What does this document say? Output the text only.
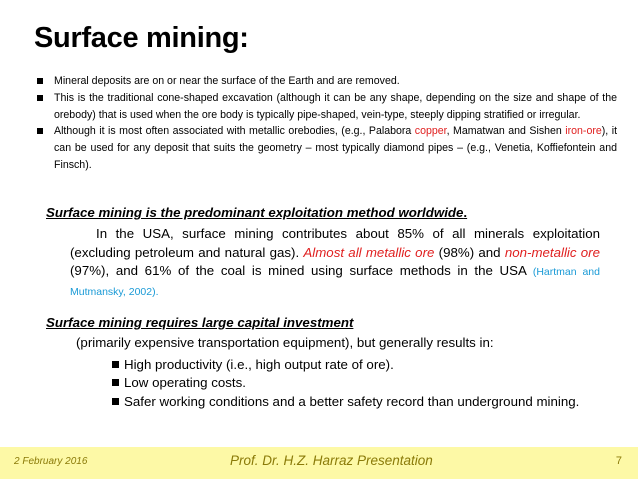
Surface mining:
Mineral deposits are on or near the surface of the Earth and are removed.
This is the traditional cone-shaped excavation (although it can be any shape, depending on the size and shape of the orebody) that is used when the ore body is typically pipe-shaped, vein-type, steeply dipping stratified or irregular.
Although it is most often associated with metallic orebodies, (e.g., Palabora copper, Mamatwan and Sishen iron-ore), it can be used for any deposit that suits the geometry – most typically diamond pipes – (e.g., Venetia, Koffiefontein and Finsch).

Surface mining is the predominant exploitation method worldwide.

In the USA, surface mining contributes about 85% of all minerals exploitation (excluding petroleum and natural gas). Almost all metallic ore (98%) and non-metallic ore (97%), and 61% of the coal is mined using surface methods in the USA (Hartman and Mutmansky, 2002).

Surface mining requires large capital investment

(primarily expensive transportation equipment), but generally results in:

High productivity (i.e., high output rate of ore).
Low operating costs.
Safer working conditions and a better safety record than underground mining.
2 February 2016	Prof. Dr. H.Z. Harraz Presentation	7
